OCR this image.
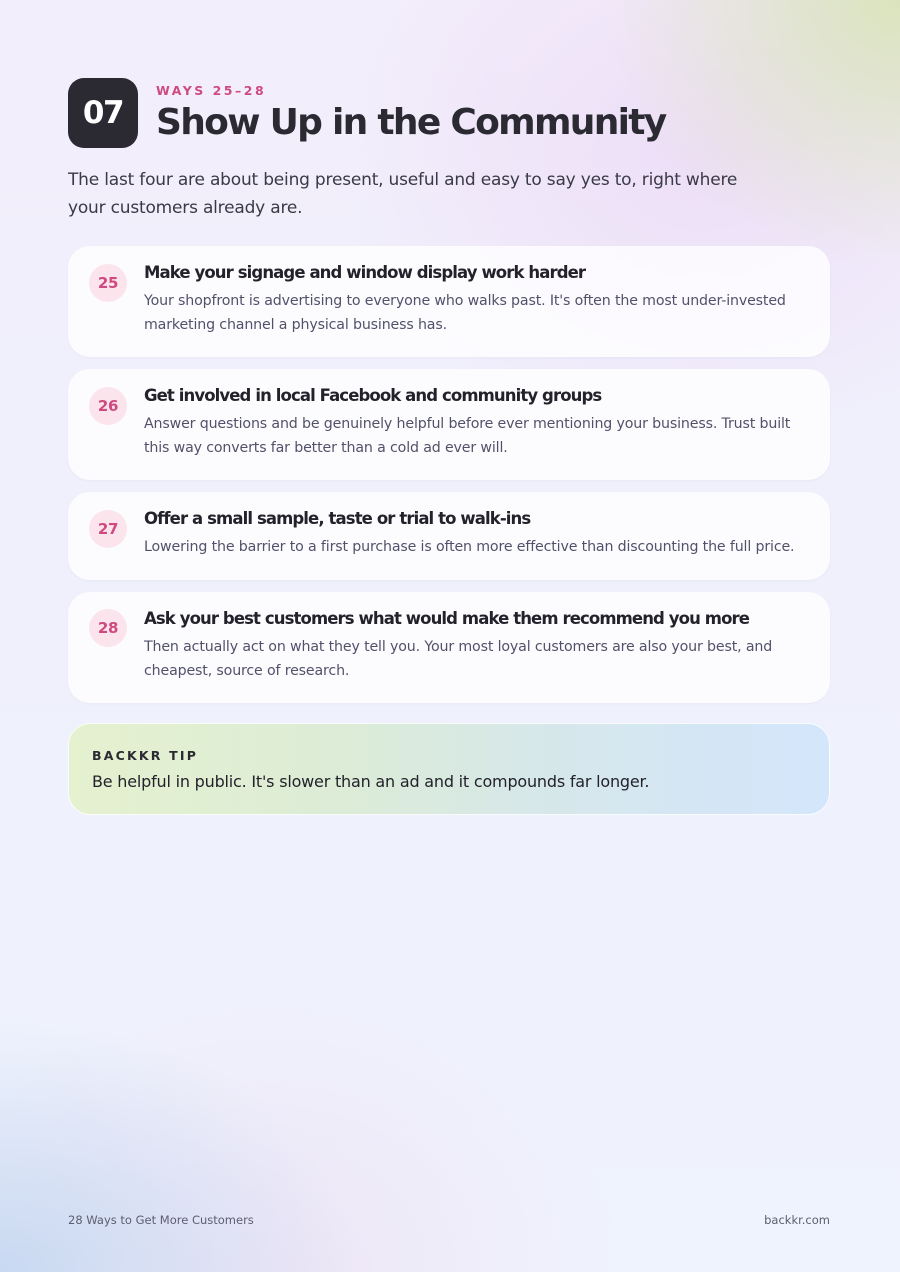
07
WAYS 25–28
Show Up in the Community
The last four are about being present, useful and easy to say yes to, right where your customers already are.
25
Make your signage and window display work harder
Your shopfront is advertising to everyone who walks past. It's often the most under-invested marketing channel a physical business has.
26
Get involved in local Facebook and community groups
Answer questions and be genuinely helpful before ever mentioning your business. Trust built this way converts far better than a cold ad ever will.
27
Offer a small sample, taste or trial to walk-ins
Lowering the barrier to a first purchase is often more effective than discounting the full price.
28	Ask your best customers what would make them recommend you more
Then actually act on what they tell you. Your most loyal customers are also your best, and cheapest, source of research.
BACKKR TIP
Be helpful in public. It's slower than an ad and it compounds far longer.
28 Ways to Get More Customers	backkr.com
